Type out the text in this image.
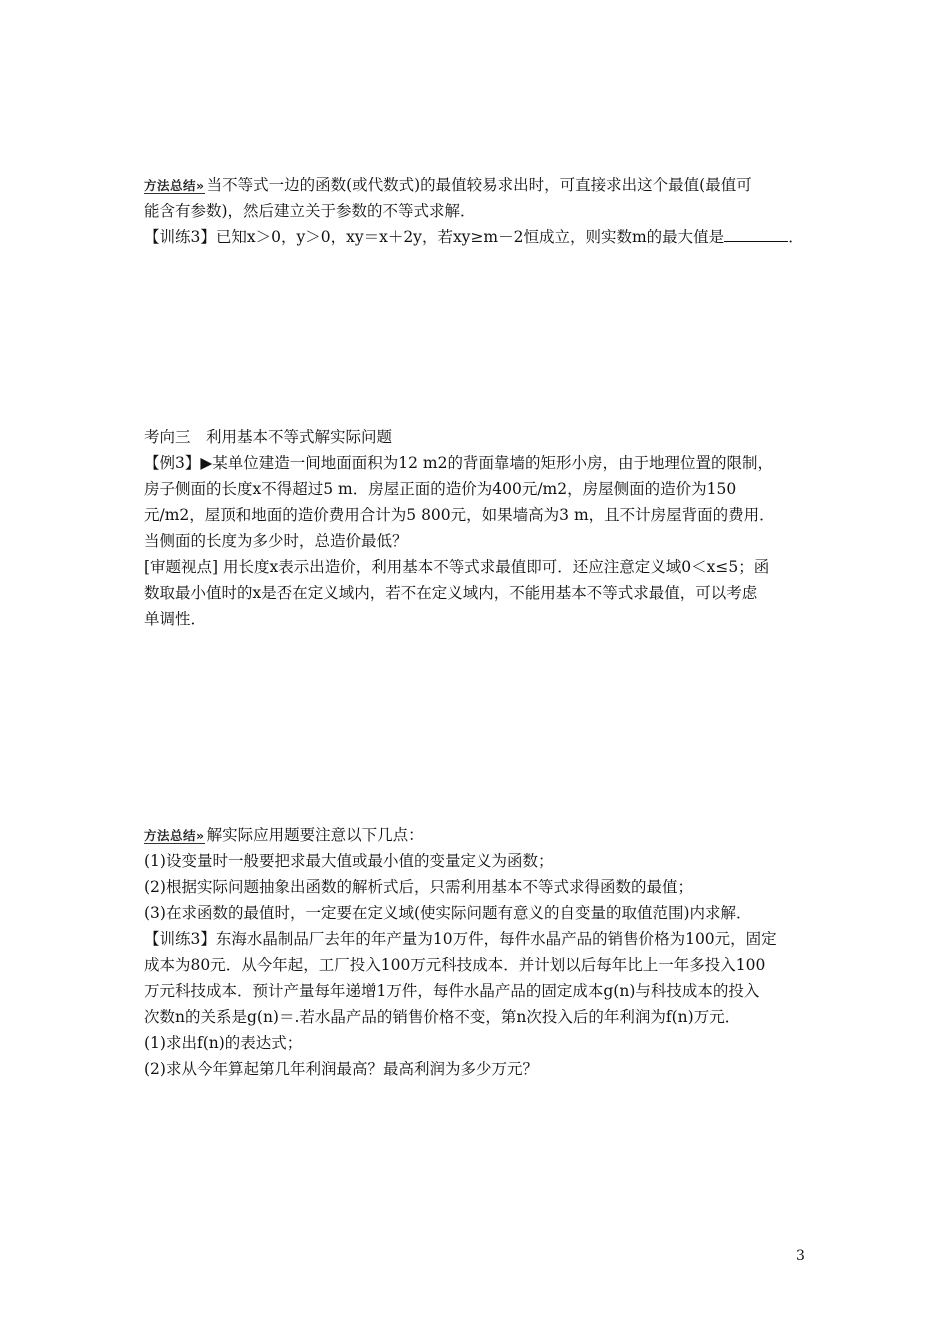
方法总结» 当不等式一边的函数(或代数式)的最值较易求出时，可直接求出这个最值(最值可
能含有参数)，然后建立关于参数的不等式求解．
【训练3】已知x＞0，y＞0，xy＝x＋2y，若xy≥m－2恒成立，则实数m的最大值是	．
考向三　利用基本不等式解实际问题
【例3】▶某单位建造一间地面面积为12 m2的背面靠墙的矩形小房，由于地理位置的限制，
房子侧面的长度x不得超过5 m．房屋正面的造价为400元/m2，房屋侧面的造价为150
元/m2，屋顶和地面的造价费用合计为5 800元，如果墙高为3 m，且不计房屋背面的费用．
当侧面的长度为多少时，总造价最低？
[审题视点] 用长度x表示出造价，利用基本不等式求最值即可．还应注意定义域0＜x≤5；函
数取最小值时的x是否在定义域内，若不在定义域内，不能用基本不等式求最值，可以考虑
单调性．
方法总结» 解实际应用题要注意以下几点：
(1)设变量时一般要把求最大值或最小值的变量定义为函数；
(2)根据实际问题抽象出函数的解析式后，只需利用基本不等式求得函数的最值；
(3)在求函数的最值时，一定要在定义域(使实际问题有意义的自变量的取值范围)内求解．
【训练3】东海水晶制品厂去年的年产量为10万件，每件水晶产品的销售价格为100元，固定
成本为80元．从今年起，工厂投入100万元科技成本．并计划以后每年比上一年多投入100
万元科技成本．预计产量每年递增1万件，每件水晶产品的固定成本g(n)与科技成本的投入
次数n的关系是g(n)＝.若水晶产品的销售价格不变，第n次投入后的年利润为f(n)万元．
(1)求出f(n)的表达式；
(2)求从今年算起第几年利润最高？最高利润为多少万元？
3
